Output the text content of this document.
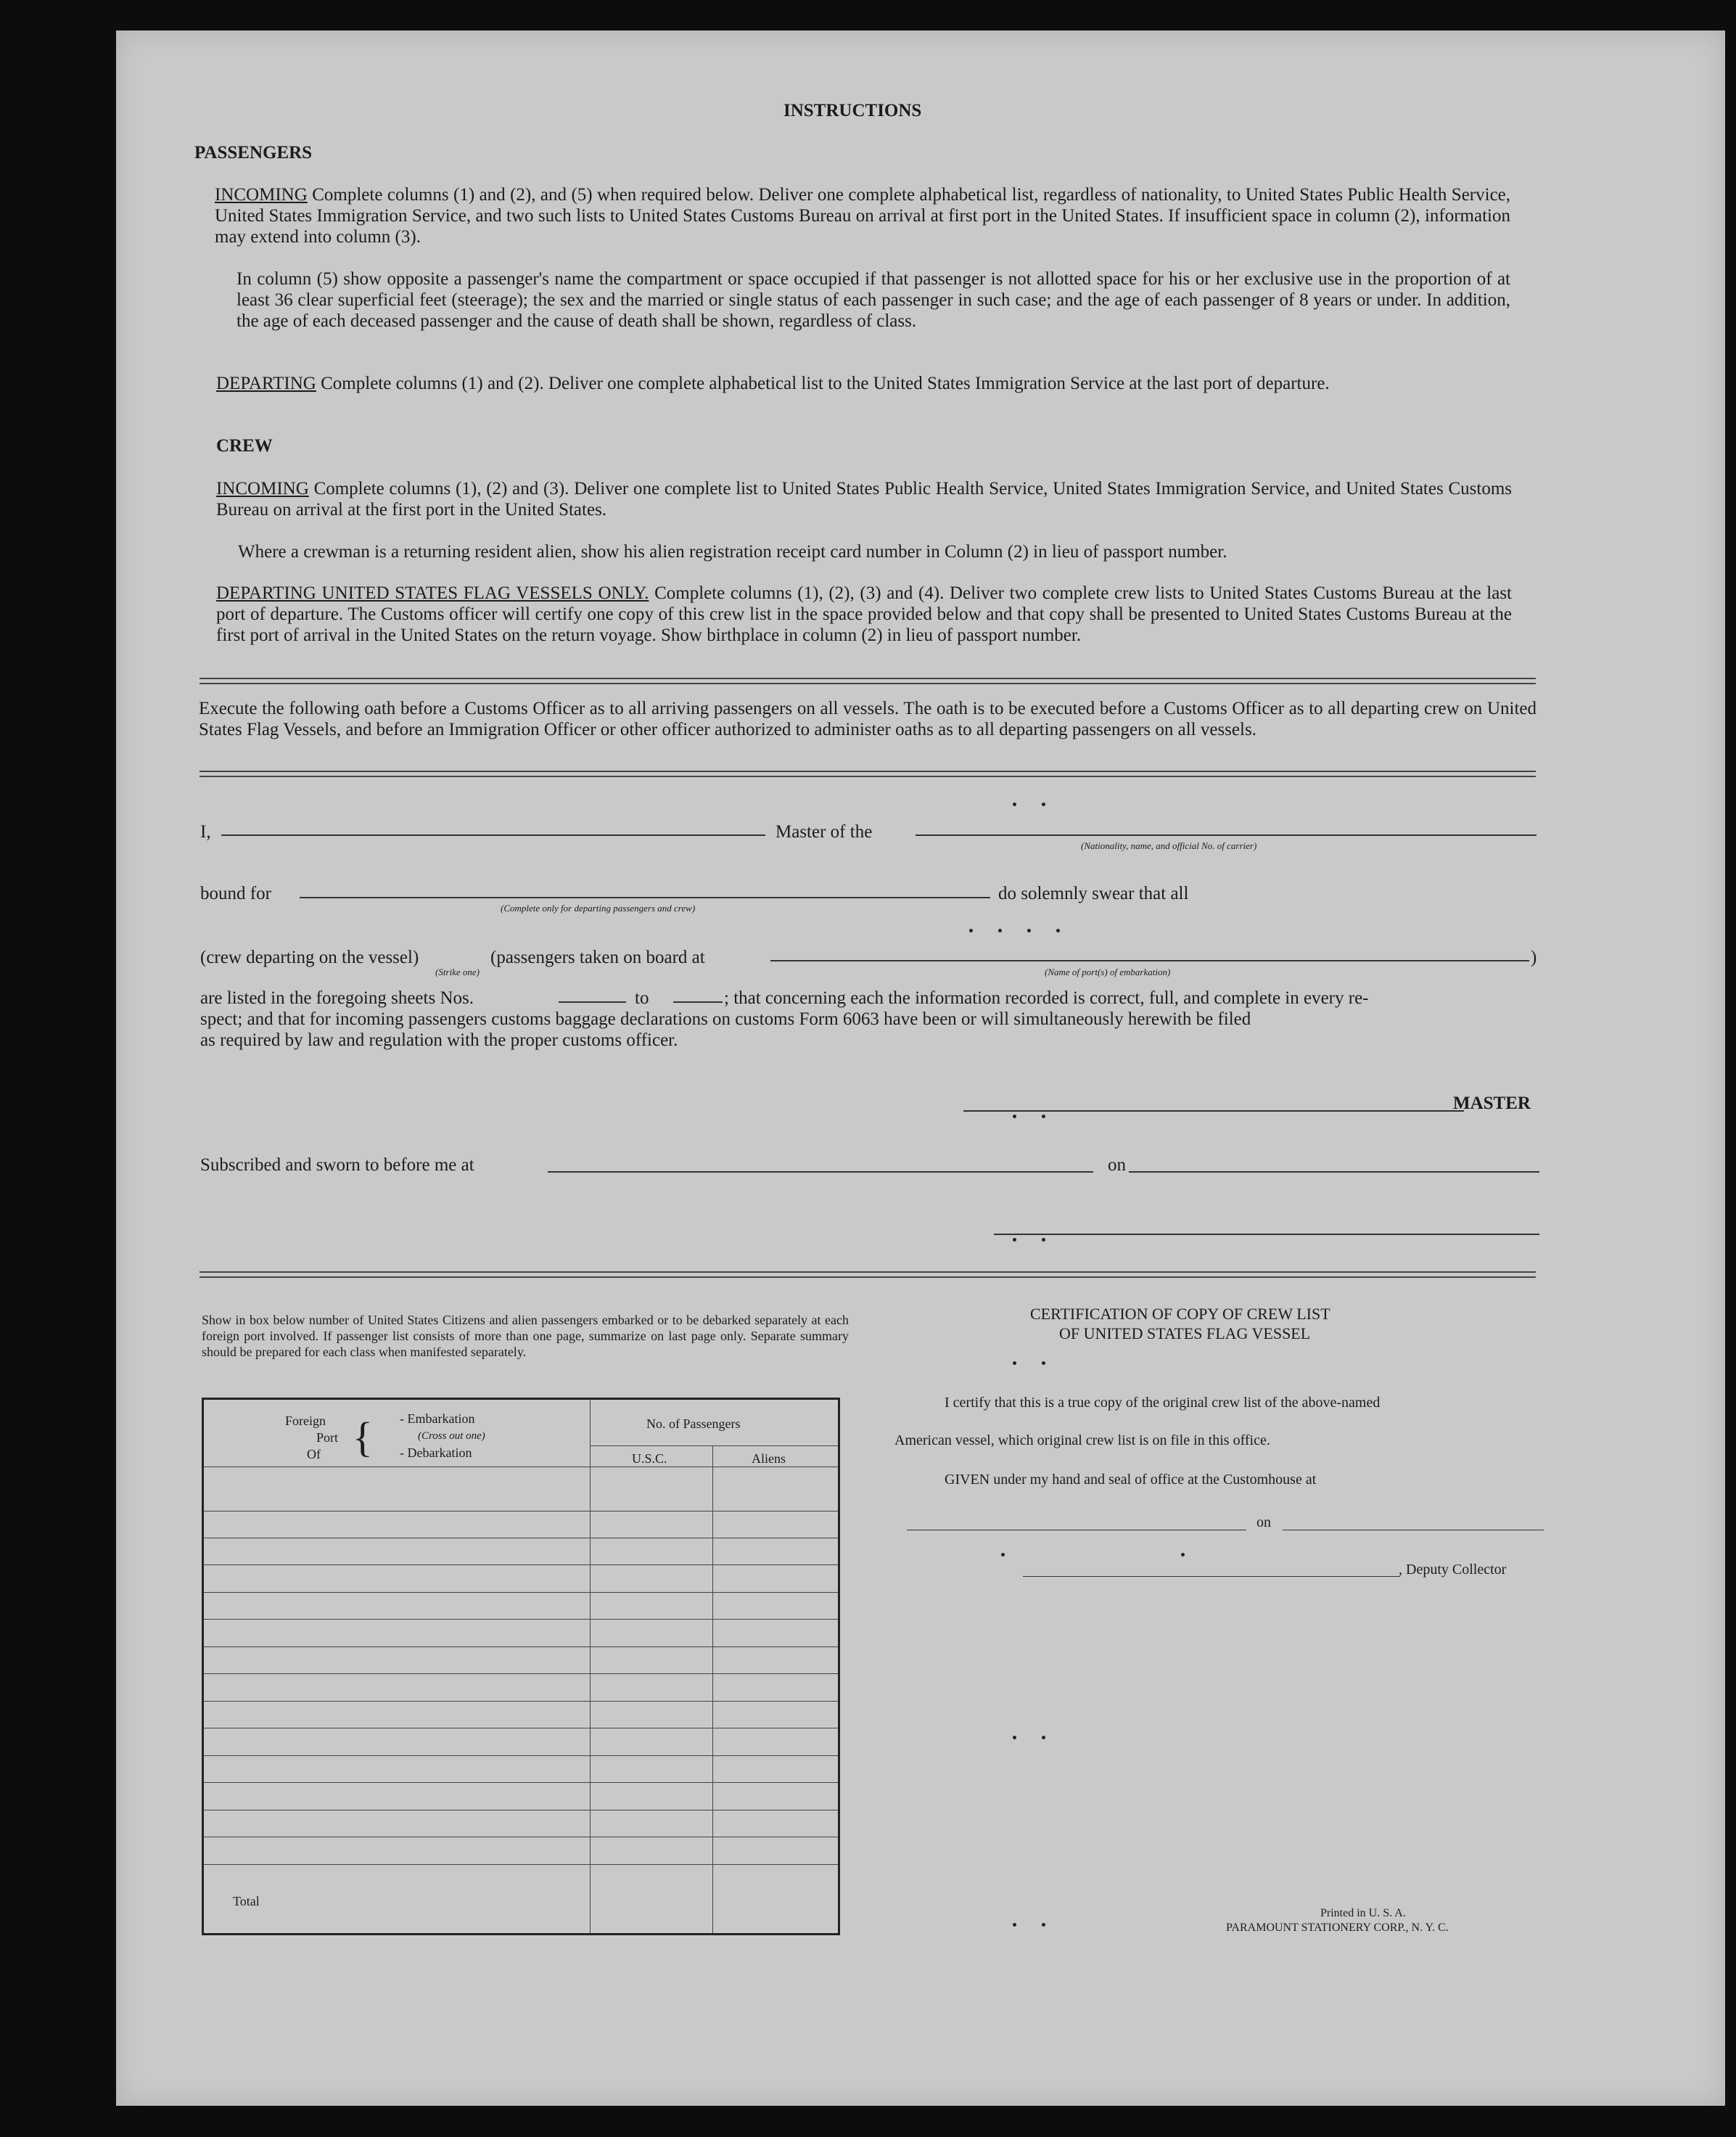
INSTRUCTIONS
PASSENGERS
INCOMING Complete columns (1) and (2), and (5) when required below. Deliver one complete alphabetical list, regardless of nationality, to United States Public Health Service, United States Immigration Service, and two such lists to United States Customs Bureau on arrival at first port in the United States. If insufficient space in column (2), information may extend into column (3).
In column (5) show opposite a passenger's name the compartment or space occupied if that passenger is not allotted space for his or her exclusive use in the proportion of at least 36 clear superficial feet (steerage); the sex and the married or single status of each passenger in such case; and the age of each passenger of 8 years or under. In addition, the age of each deceased passenger and the cause of death shall be shown, regardless of class.
DEPARTING Complete columns (1) and (2). Deliver one complete alphabetical list to the United States Immigration Service at the last port of departure.
CREW
INCOMING Complete columns (1), (2) and (3). Deliver one complete list to United States Public Health Service, United States Immigration Service, and United States Customs Bureau on arrival at the first port in the United States.
Where a crewman is a returning resident alien, show his alien registration receipt card number in Column (2) in lieu of passport number.
DEPARTING UNITED STATES FLAG VESSELS ONLY. Complete columns (1), (2), (3) and (4). Deliver two complete crew lists to United States Customs Bureau at the last port of departure. The Customs officer will certify one copy of this crew list in the space provided below and that copy shall be presented to United States Customs Bureau at the first port of arrival in the United States on the return voyage. Show birthplace in column (2) in lieu of passport number.
Execute the following oath before a Customs Officer as to all arriving passengers on all vessels. The oath is to be executed before a Customs Officer as to all departing crew on United States Flag Vessels, and before an Immigration Officer or other officer authorized to administer oaths as to all departing passengers on all vessels.
I,	Master of the
(Nationality, name, and official No. of carrier)
bound for
(Complete only for departing passengers and crew)
do solemnly swear that all
(crew departing on the vessel)	(passengers taken on board at
(Strike one)	(Name of port(s) of embarkation)
)
are listed in the foregoing sheets Nos.	to	; that concerning each the information recorded is correct, full, and complete in every re-
spect; and that for incoming passengers customs baggage declarations on customs Form 6063 have been or will simultaneously herewith be filed
as required by law and regulation with the proper customs officer.
MASTER
Subscribed and sworn to before me at	on
Show in box below number of United States Citizens and alien passengers embarked or to be debarked separately at each foreign port involved. If passenger list consists of more than one page, summarize on last page only. Separate summary should be prepared for each class when manifested separately.
Foreign
Port
Of { - Embarkation
(Cross out one)
- Debarkation
No. of Passengers
U.S.C.	Aliens
Total
CERTIFICATION OF COPY OF CREW LIST
OF UNITED STATES FLAG VESSEL
I certify that this is a true copy of the original crew list of the above-named
American vessel, which original crew list is on file in this office.
GIVEN under my hand and seal of office at the Customhouse at
on
, Deputy Collector
Printed in U. S. A.
PARAMOUNT STATIONERY CORP., N. Y. C.
